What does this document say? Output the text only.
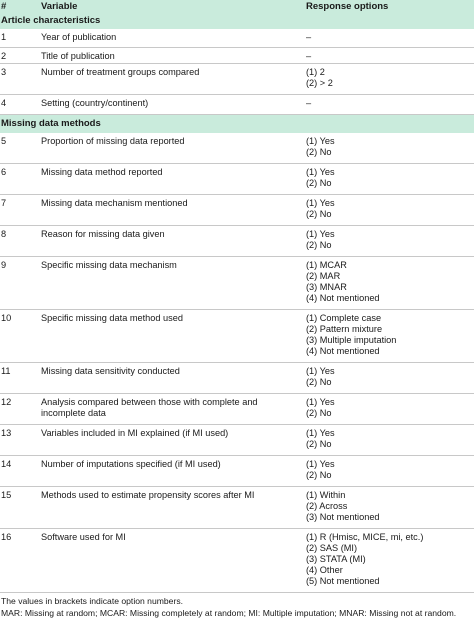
#	Variable	Response options
Article characteristics
1	Year of publication	–
2	Title of publication	–
3	Number of treatment groups compared	(1) 2
(2) > 2
4	Setting (country/continent)	–
Missing data methods
5	Proportion of missing data reported	(1) Yes
(2) No
6	Missing data method reported	(1) Yes
(2) No
7	Missing data mechanism mentioned	(1) Yes
(2) No
8	Reason for missing data given	(1) Yes
(2) No
9	Specific missing data mechanism	(1) MCAR
(2) MAR
(3) MNAR
(4) Not mentioned
10	Specific missing data method used	(1) Complete case
(2) Pattern mixture
(3) Multiple imputation
(4) Not mentioned
11	Missing data sensitivity conducted	(1) Yes
(2) No
12	Analysis compared between those with complete and incomplete data
(1) Yes
(2) No
13	Variables included in MI explained (if MI used)	(1) Yes
(2) No
14	Number of imputations specified (if MI used)	(1) Yes
(2) No
15	Methods used to estimate propensity scores after MI	(1) Within
(2) Across
(3) Not mentioned
16	Software used for MI	(1) R (Hmisc, MICE, mi, etc.)
(2) SAS (MI)
(3) STATA (MI)
(4) Other
(5) Not mentioned
The values in brackets indicate option numbers.
MAR: Missing at random; MCAR: Missing completely at random; MI: Multiple imputation; MNAR: Missing not at random.
